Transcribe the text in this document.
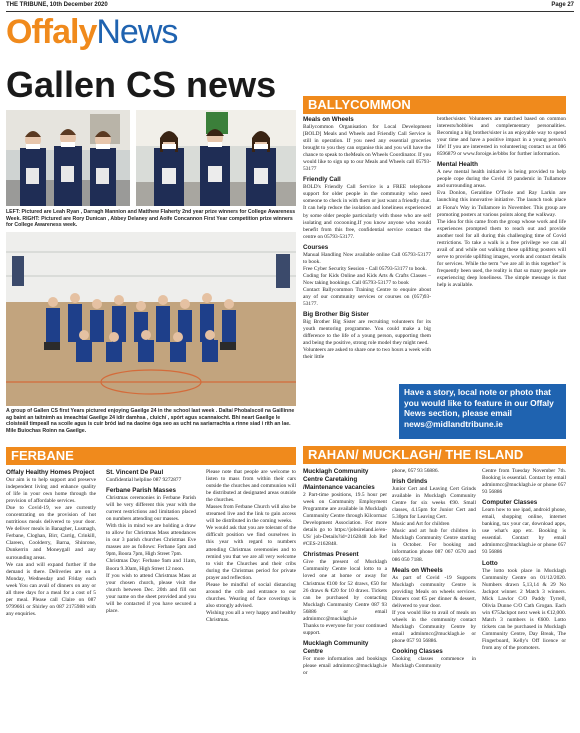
THE TRIBUNE, 10th December 2020	Page 27
OffalyNews
Gallen CS news
LEFT: Pictured are Leah Ryan , Darragh Mannion and Matthew Flaherty 2nd year prize winners for College Awareness Week. RIGHT: Pictured are Rory Dunican , Abbey Delaney and Aoife Concannon First Year competition prize winners for College Awareness week.
A group of Gallen CS first Years pictured enjoying Gaeilge 24 in the school last week . Daltaí Phobalscoil na Gaillinne ag baint an taitnimh as imeachtaí Gaeilge 24 idir damhsa , cluichí , spórt agus scannaíocht. Bhí neart Gaeilge le cloisteáil timpeall na scoile agus is cuir bród iad na daoine óga seo as ucht na sariarrachta a rinne siad i rith an lae. Mile Buiochas Roinn na Gaeilge.
BALLYCOMMON
Meals on Wheels

Ballycommon Organisation for Local Development [BOLD] Meals and Wheels and Friendly Call Service is still in operation. If you need any essential groceries brought to you they can organise this and you will have the chance to speak to theMeals on Wheels Coordinator. If you would like to sign up to our Meals and Wheels call 05793-53177

Friendly Call

BOLD's Friendly Call Service is a FREE telephone support for older people in the community who need someone to check in with them or just want a friendly chat.

It can help reduce the isolation and loneliness experienced by some older people particularly with those who are self isolating and cocooning.If you know anyone who would benefit from this free, confidential service contact the centre on 05793-53177.

Courses

Manual Handling Now available online Call 05793-53177 to book.

Free Cyber Security Session - Call 05793-53177 to book.

Coding for Kids Online and Kids Arts & Crafts Classes – Now taking bookings. Call 05793-53177 to book

Contact Ballycommon Training Centre to enquire about any of our community services or courses on (057)93-53177.

Big Brother Big Sister

Big Brother Big Sister are recruiting volunteers for its youth mentoring programme. You could make a big difference to the life of a young person, supporting them and being the positive, strong role model they might need.

Volunteers are asked to share one to two hours a week with their little

brother/sister. Volunteers are matched based on common interests/hobbies and complementary personalities. Becoming a big brother/sister is an enjoyable way to spend your time and have a positive impact in a young person's life! If you are interested in volunteering contact us at 086 8596879 or www.foroige.ie/bbbs for further information.

Mental Health

A new mental health initiative is being provided to help people cope during the Covid 19 pandemic in Tullamore and surrounding areas.

Eva Donlon, Geraldine O'Toole and Ray Larkin are launching this innovative initiative. The launch took place at Fiona's Way in Tullamore in November. This group are promoting posters at various points along the walkway.

The idea for this came from the group whose work and life experiences prompted them to reach out and provide another tool for all during this challenging time of Covid restrictions. To take a walk is a free privilege we can all avail of and while out walking these uplifting posters will serve to provide uplifting images, words and contact details for services. While the term "we are all in this together" is frequently been used, the reality is that so many people are experiencing deep loneliness. The simple message is that help is available.

Have a story, local note or photo that you would like to feature in our Offaly News section, please email news@midlandtribune.ie
FERBANE
Offaly Healthy Homes Project

Our aim is to help support and preserve independent living and enhance quality of life in your own home through the provision of affordable services.

Due to Covid-19, we are currently concentrating on the provision of hot nutritious meals delivered to your door. We deliver meals in Banagher, Lusmagh, Ferbane, Cloghan, Birr, Carrig, Crinkill, Clareen, Coolderry, Barna, Shinrone, Dunkerrin and Moneygall and any surrounding areas.

We can and will expand further if the demand is there. Deliveries are on a Monday, Wednesday and Friday each week You can avail of dinners on any or all three days for a meal for a cost of 5 per meal. Please call Claire on 087 9799661 or Shirley on 087 2175988 with any enquiries.

St. Vincent De Paul

Confidential helpline 087 9272877

Ferbane Parish Masses

Christmas ceremonies in Ferbane Parish will be very different this year with the current restrictions and limitation placed on numbers attending our masses.

With this in mind we are holding a draw to allow for Christmas Mass attendances in our 3 parish churches Christmas Eve masses are as follows: Ferbane 5pm and 9pm, Boora 7pm, High Street 7pm.

Christmas Day: Ferbane 9am and 11am, Boora 9.30am, High Street 12 noon.

If you wish to attend Christmas Mass at your chosen church, please visit the church between Dec. 20th and fill out your name on the sheet provided and you will be contacted if you have secured a place.

Please note that people are welcome to listen to mass from within their cars outside the churches and communion will be distributed at designated areas outside the churches.

Masses from Ferbane Church will also be streamed live and the link to gain access will be distributed in the coming weeks.

We would ask that you are tolerant of the difficult position we find ourselves in this year with regard to numbers attending Christmas ceremonies and to remind you that we are all very welcome to visit the Churches and their cribs during the Christmas period for private prayer and reflection.

Please be mindful of social distancing around the crib and entrance to our churches. Wearing of face coverings is also strongly advised.

Wishing you all a very happy and healthy Christmas.

RAHAN/ MUCKLAGH/ THE ISLAND
Mucklagh Community Centre Caretaking /Maintenance vacancies

2 Part-time positions, 19.5 hour per week on Community Employment Programme are available in Mucklagh Community Centre through Kilcormac Development Association. For more details go to https://jobsireland.ie/en-US/ job-Details?id=2162848 Job Ref #CES-2162848.

Christmas Present

Give the present of Mucklagh Community Centre local lotto to a loved one at home or away for Christmas €100 for 52 draws, €50 for 26 draws & €20 for 10 draws. Tickets can be purchased by contacting Mucklagh Community Centre 087 93 56886 or email adminmcc@mucklagh.ie

Thanks to everyone for your continued support.

Mucklagh Community Centre

For more information and bookings please email adminmcc@mucklagh.ie or

phone, 057 93 56886.

Irish Grinds

Junior Cert and Leaving Cert Grinds available in Mucklagh Community Centre for six weeks €90. Small classes, 4.15pm for Junior Cert and 5.30pm for Leaving Cert.

Music and Art for children

Music and art hub for children in Mucklagh Community Centre starting in October. For booking and information phone 087 067 0570 and 086 050 7188.

Meals on Wheels

As part of Covid -19 Supports Mucklagh community Centre is providing Meals on wheels services. Dinners cost €5 per dinner & dessert, delivered to your door.

If you would like to avail of meals on wheels in the community contact Mucklagh Community Centre by email adminmcc@mucklagh.ie or phone 057 93 56886.

Cooking Classes

Cooking classes commence in Mucklagh Community

Centre from Tuesday November 7th. Booking is essential. Contact by email adminmcc@mucklagh.ie or phone 057 93 56886

Computer Classes

Learn how to use ipad, android phone, email, shopping online, internet banking, tax your car, download apps, use what's app etc. Booking is essential. Contact by email adminmcc@mucklagh.ie or phone 057 93 56886

Lotto

The lotto took place in Mucklagh Community Centre on 01/12/2020. Numbers drawn 5,13,14 & 29 No Jackpot winner. 2 Match 3 winners. Mick Lawlor C/O Paddy Tyrrell, Olivia Dunne C/O Cath Grogan. Each win €75Jackpot next week is €12,000. Match 3 numbers is €600. Lotto tickets can be purchased in Mucklagh Community Centre, Day Break, The Fingerboard, Kelly's Off licence or from any of the promoters.
